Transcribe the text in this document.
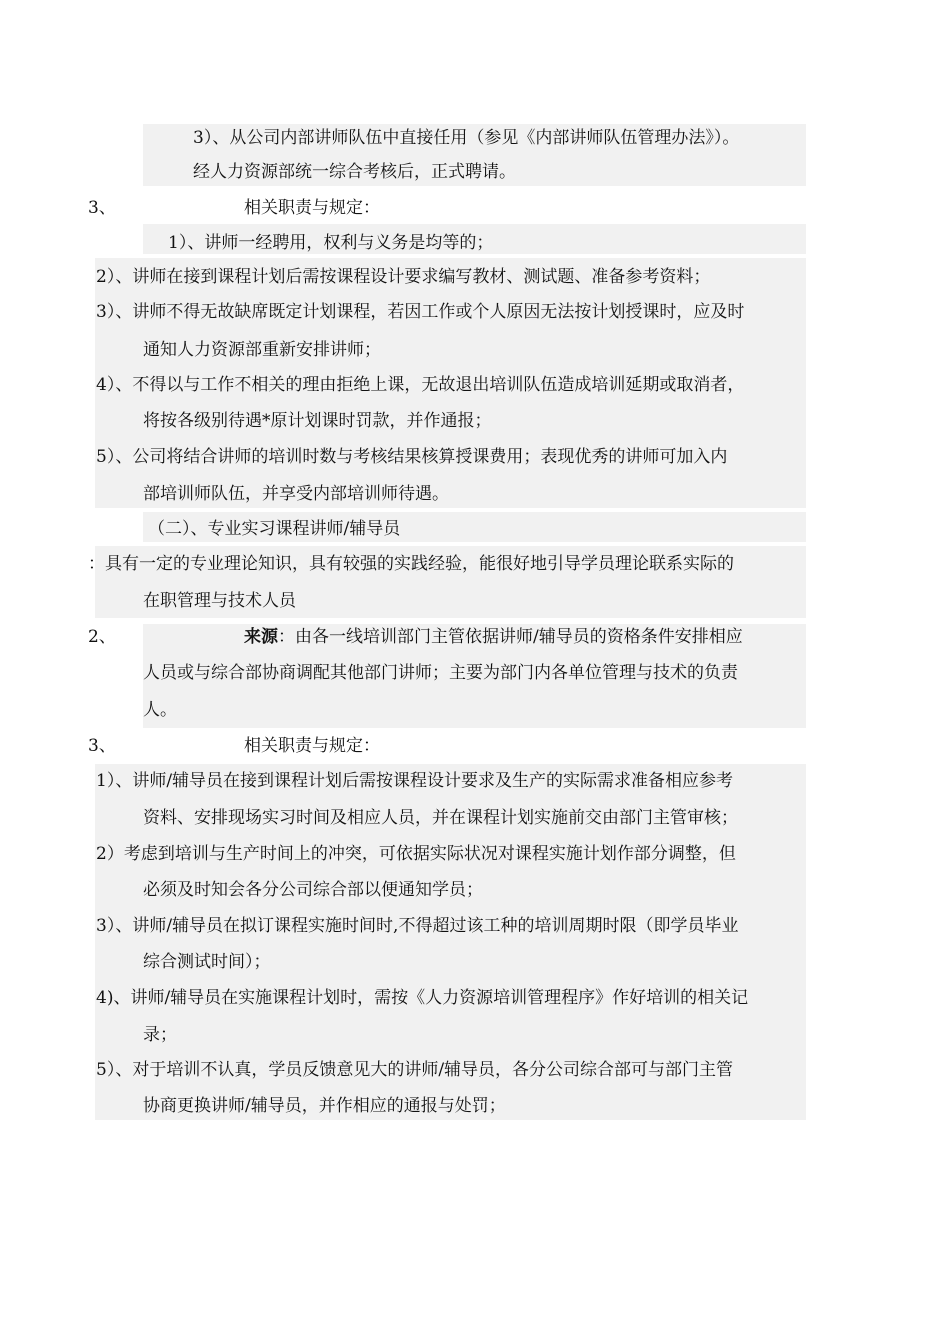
3）、从公司内部讲师队伍中直接任用（参见《内部讲师队伍管理办法》）。
经人力资源部统一综合考核后，正式聘请。
3、	相关职责与规定：
1）、讲师一经聘用，权利与义务是均等的；
2）、讲师在接到课程计划后需按课程设计要求编写教材、测试题、准备参考资料；
3）、讲师不得无故缺席既定计划课程，若因工作或个人原因无法按计划授课时，应及时
通知人力资源部重新安排讲师；
4）、不得以与工作不相关的理由拒绝上课，无故退出培训队伍造成培训延期或取消者，
将按各级别待遇*原计划课时罚款，并作通报；
5）、公司将结合讲师的培训时数与考核结果核算授课费用；表现优秀的讲师可加入内
部培训师队伍，并享受内部培训师待遇。
（二）、专业实习课程讲师/辅导员
：具有一定的专业理论知识，具有较强的实践经验，能很好地引导学员理论联系实际的
在职管理与技术人员
2、	来源：由各一线培训部门主管依据讲师/辅导员的资格条件安排相应
人员或与综合部协商调配其他部门讲师；主要为部门内各单位管理与技术的负责
人。
3、	相关职责与规定：
1）、讲师/辅导员在接到课程计划后需按课程设计要求及生产的实际需求准备相应参考
资料、安排现场实习时间及相应人员，并在课程计划实施前交由部门主管审核；
2）考虑到培训与生产时间上的冲突，可依据实际状况对课程实施计划作部分调整，但
必须及时知会各分公司综合部以便通知学员；
3）、讲师/辅导员在拟订课程实施时间时,不得超过该工种的培训周期时限（即学员毕业
综合测试时间）；
4)、讲师/辅导员在实施课程计划时，需按《人力资源培训管理程序》作好培训的相关记
录；
5）、对于培训不认真，学员反馈意见大的讲师/辅导员，各分公司综合部可与部门主管
协商更换讲师/辅导员，并作相应的通报与处罚；
